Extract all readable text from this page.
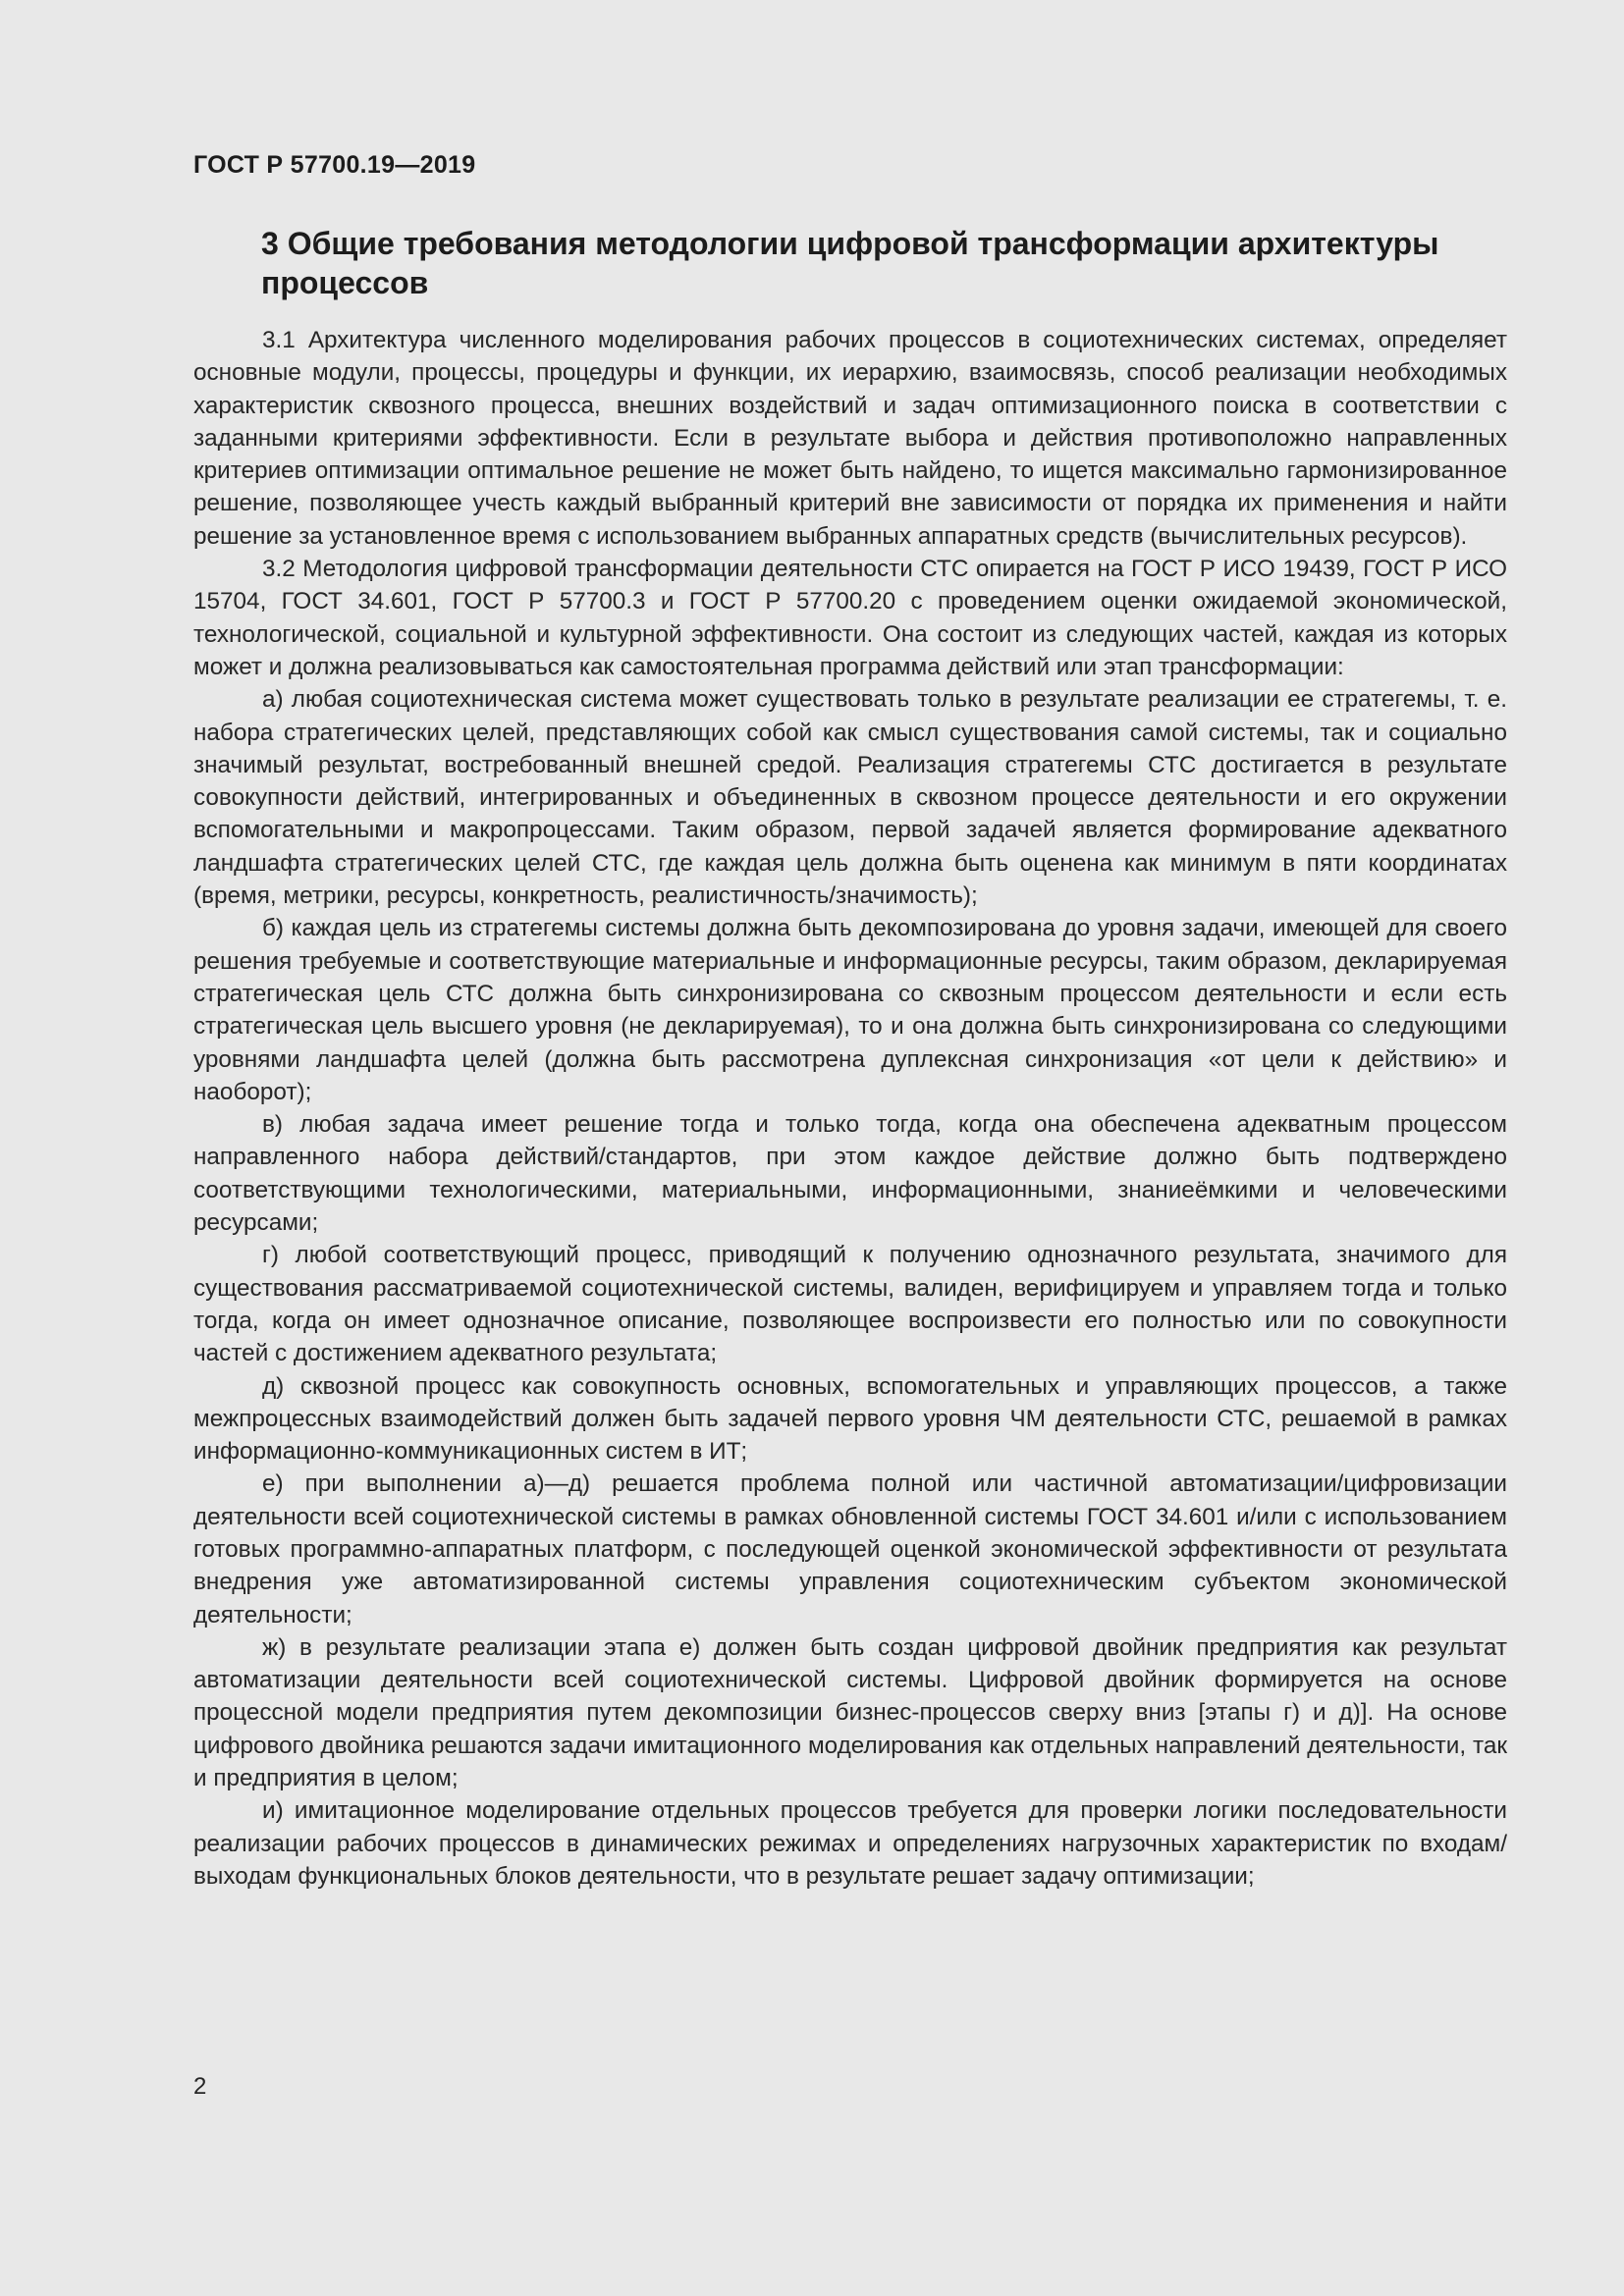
ГОСТ Р 57700.19—2019
3 Общие требования методологии цифровой трансформации архитектуры процессов

3.1 Архитектура численного моделирования рабочих процессов в социотехнических системах, определяет основные модули, процессы, процедуры и функции, их иерархию, взаимосвязь, способ реализации необходимых характеристик сквозного процесса, внешних воздействий и задач оптимизационного поиска в соответствии с заданными критериями эффективности. Если в результате выбора и действия противоположно направленных критериев оптимизации оптимальное решение не может быть найдено, то ищется максимально гармонизированное решение, позволяющее учесть каждый выбранный критерий вне зависимости от порядка их применения и найти решение за установленное время с использованием выбранных аппаратных средств (вычислительных ресурсов).

3.2 Методология цифровой трансформации деятельности СТС опирается на ГОСТ Р ИСО 19439, ГОСТ Р ИСО 15704, ГОСТ 34.601, ГОСТ Р 57700.3 и ГОСТ Р 57700.20 с проведением оценки ожидаемой экономической, технологической, социальной и культурной эффективности. Она состоит из следующих частей, каждая из которых может и должна реализовываться как самостоятельная программа действий или этап трансформации:

а) любая социотехническая система может существовать только в результате реализации ее стратегемы, т. е. набора стратегических целей, представляющих собой как смысл существования самой системы, так и социально значимый результат, востребованный внешней средой. Реализация стратегемы СТС достигается в результате совокупности действий, интегрированных и объединенных в сквозном процессе деятельности и его окружении вспомогательными и макропроцессами. Таким образом, первой задачей является формирование адекватного ландшафта стратегических целей СТС, где каждая цель должна быть оценена как минимум в пяти координатах (время, метрики, ресурсы, конкретность, реалистичность/значимость);

б) каждая цель из стратегемы системы должна быть декомпозирована до уровня задачи, имеющей для своего решения требуемые и соответствующие материальные и информационные ресурсы, таким образом, декларируемая стратегическая цель СТС должна быть синхронизирована со сквозным процессом деятельности и если есть стратегическая цель высшего уровня (не декларируемая), то и она должна быть синхронизирована со следующими уровнями ландшафта целей (должна быть рассмотрена дуплексная синхронизация «от цели к действию» и наоборот);

в) любая задача имеет решение тогда и только тогда, когда она обеспечена адекватным процессом направленного набора действий/стандартов, при этом каждое действие должно быть подтверждено соответствующими технологическими, материальными, информационными, знаниеёмкими и человеческими ресурсами;

г) любой соответствующий процесс, приводящий к получению однозначного результата, значимого для существования рассматриваемой социотехнической системы, валиден, верифицируем и управляем тогда и только тогда, когда он имеет однозначное описание, позволяющее воспроизвести его полностью или по совокупности частей с достижением адекватного результата;

д) сквозной процесс как совокупность основных, вспомогательных и управляющих процессов, а также межпроцессных взаимодействий должен быть задачей первого уровня ЧМ деятельности СТС, решаемой в рамках информационно-коммуникационных систем в ИТ;

е) при выполнении а)—д) решается проблема полной или частичной автоматизации/цифровизации деятельности всей социотехнической системы в рамках обновленной системы ГОСТ 34.601 и/или с использованием готовых программно-аппаратных платформ, с последующей оценкой экономической эффективности от результата внедрения уже автоматизированной системы управления социотехническим субъектом экономической деятельности;

ж) в результате реализации этапа е) должен быть создан цифровой двойник предприятия как результат автоматизации деятельности всей социотехнической системы. Цифровой двойник формируется на основе процессной модели предприятия путем декомпозиции бизнес-процессов сверху вниз [этапы г) и д)]. На основе цифрового двойника решаются задачи имитационного моделирования как отдельных направлений деятельности, так и предприятия в целом;

и) имитационное моделирование отдельных процессов требуется для проверки логики последовательности реализации рабочих процессов в динамических режимах и определениях нагрузочных характеристик по входам/выходам функциональных блоков деятельности, что в результате решает задачу оптимизации;

2
